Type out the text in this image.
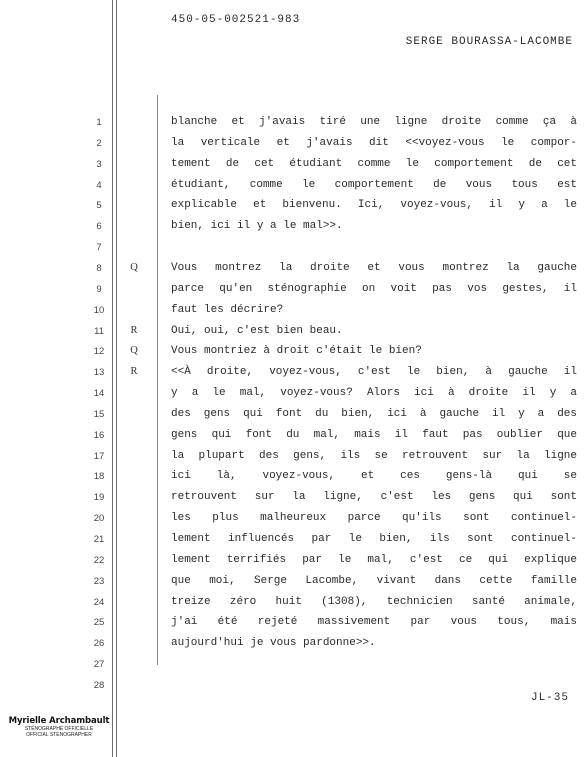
450-05-002521-983
SERGE BOURASSA-LACOMBE
1	blanche et j'avais tiré une ligne droite comme ça à
2	la verticale et j'avais dit <<voyez-vous le compor-
3	tement de cet étudiant comme le comportement de cet
4	étudiant, comme le comportement de vous tous est
5	explicable et bienvenu. Ici, voyez-vous, il y a le
6	bien, ici il y a le mal>>.
7
8	Q	Vous montrez la droite et vous montrez la gauche
9	parce qu'en sténographie on voit pas vos gestes, il
10	faut les décrire?
11	R	Oui, oui, c'est bien beau.
12	Q	Vous montriez à droit c'était le bien?
13	R	<<À droite, voyez-vous, c'est le bien, à gauche il
14	y a le mal, voyez-vous? Alors ici à droite il y a
15	des gens qui font du bien, ici à gauche il y a des
16	gens qui font du mal, mais il faut pas oublier que
17	la plupart des gens, ils se retrouvent sur la ligne
18	ici là, voyez-vous, et ces gens-là qui se
19	retrouvent sur la ligne, c'est les gens qui sont
20	les plus malheureux parce qu'ils sont continuel-
21	lement influencés par le bien, ils sont continuel-
22	lement terrifiés par le mal, c'est ce qui explique
23	que moi, Serge Lacombe, vivant dans cette famille
24	treize zéro huit (1308), technicien santé animale,
25	j'ai été rejeté massivement par vous tous, mais
26	aujourd'hui je vous pardonne>>.
27
28
JL-35
Myrielle Archambault
STÉNOGRAPHE OFFICIELLE
OFFICIAL STENOGRAPHER
